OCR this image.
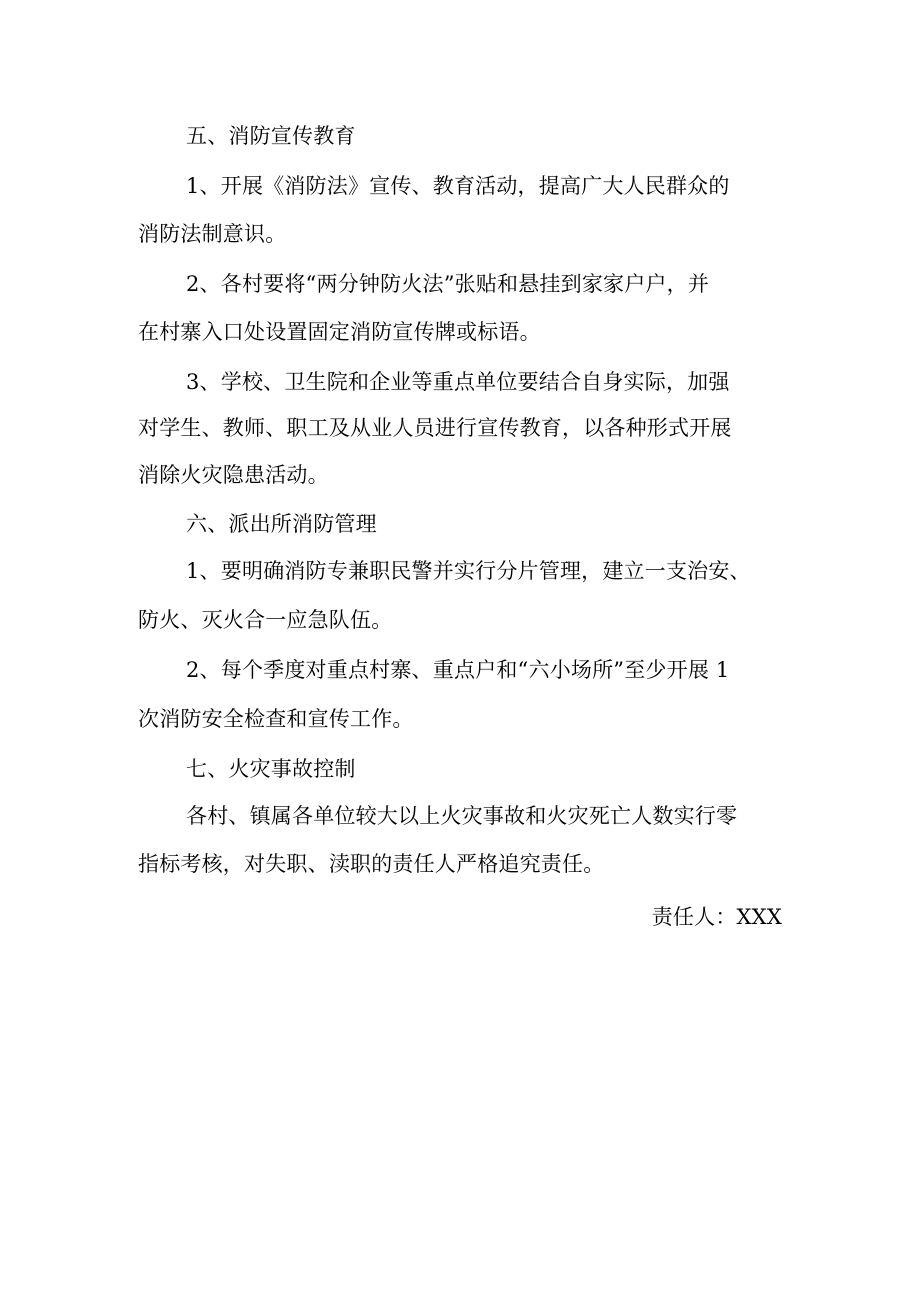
五、消防宣传教育
1、开展《消防法》宣传、教育活动，提高广大人民群众的
消防法制意识。
2、各村要将“两分钟防火法”张贴和悬挂到家家户户，并
在村寨入口处设置固定消防宣传牌或标语。
3、学校、卫生院和企业等重点单位要结合自身实际，加强
对学生、教师、职工及从业人员进行宣传教育，以各种形式开展
消除火灾隐患活动。
六、派出所消防管理
1、要明确消防专兼职民警并实行分片管理，建立一支治安、
防火、灭火合一应急队伍。
2、每个季度对重点村寨、重点户和“六小场所”至少开展 1
次消防安全检查和宣传工作。
七、火灾事故控制
各村、镇属各单位较大以上火灾事故和火灾死亡人数实行零
指标考核，对失职、渎职的责任人严格追究责任。
责任人：XXX
